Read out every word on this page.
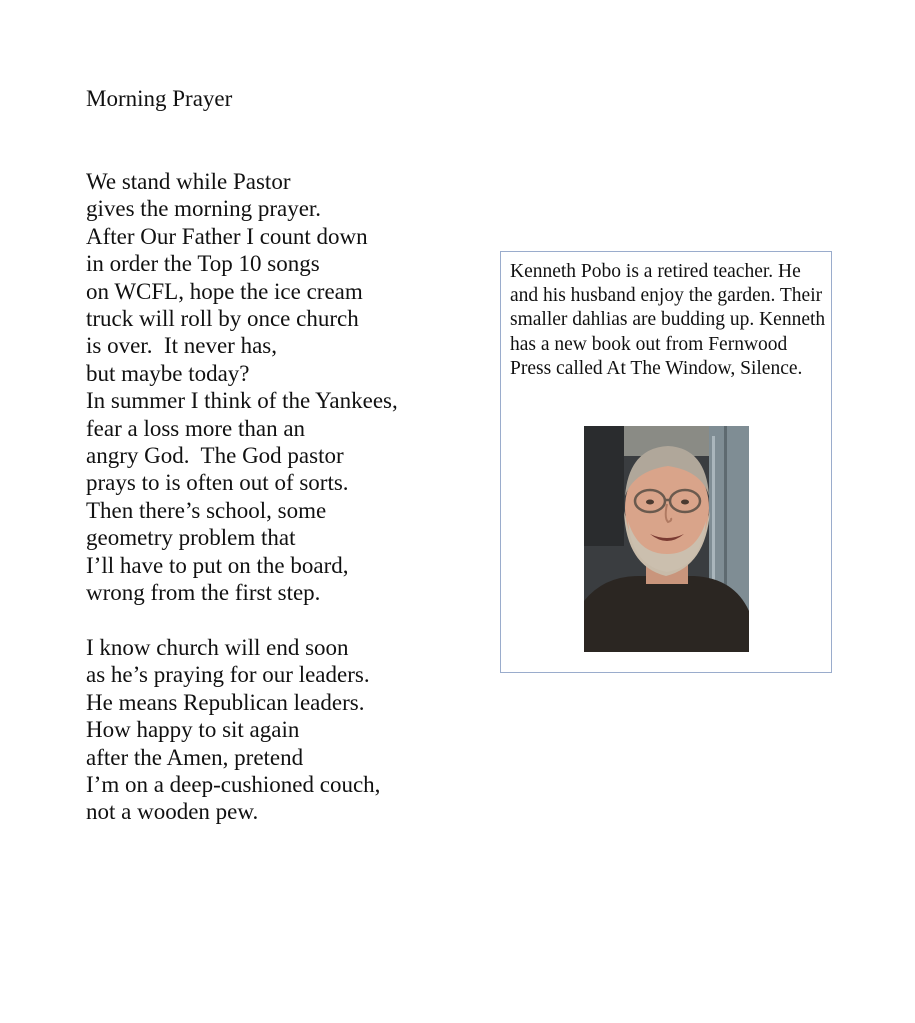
Morning Prayer

We stand while Pastor
gives the morning prayer.
After Our Father I count down
in order the Top 10 songs
on WCFL, hope the ice cream
truck will roll by once church
is over.  It never has,
but maybe today?
In summer I think of the Yankees,
fear a loss more than an
angry God.  The God pastor
prays to is often out of sorts.
Then there’s school, some
geometry problem that
I’ll have to put on the board,
wrong from the first step.

I know church will end soon
as he’s praying for our leaders.
He means Republican leaders.
How happy to sit again
after the Amen, pretend
I’m on a deep-cushioned couch,
not a wooden pew.

Kenneth Pobo is a retired teacher. He and his husband enjoy the garden. Their smaller dahlias are budding up. Kenneth has a new book out from Fernwood Press called At The Window, Silence.
